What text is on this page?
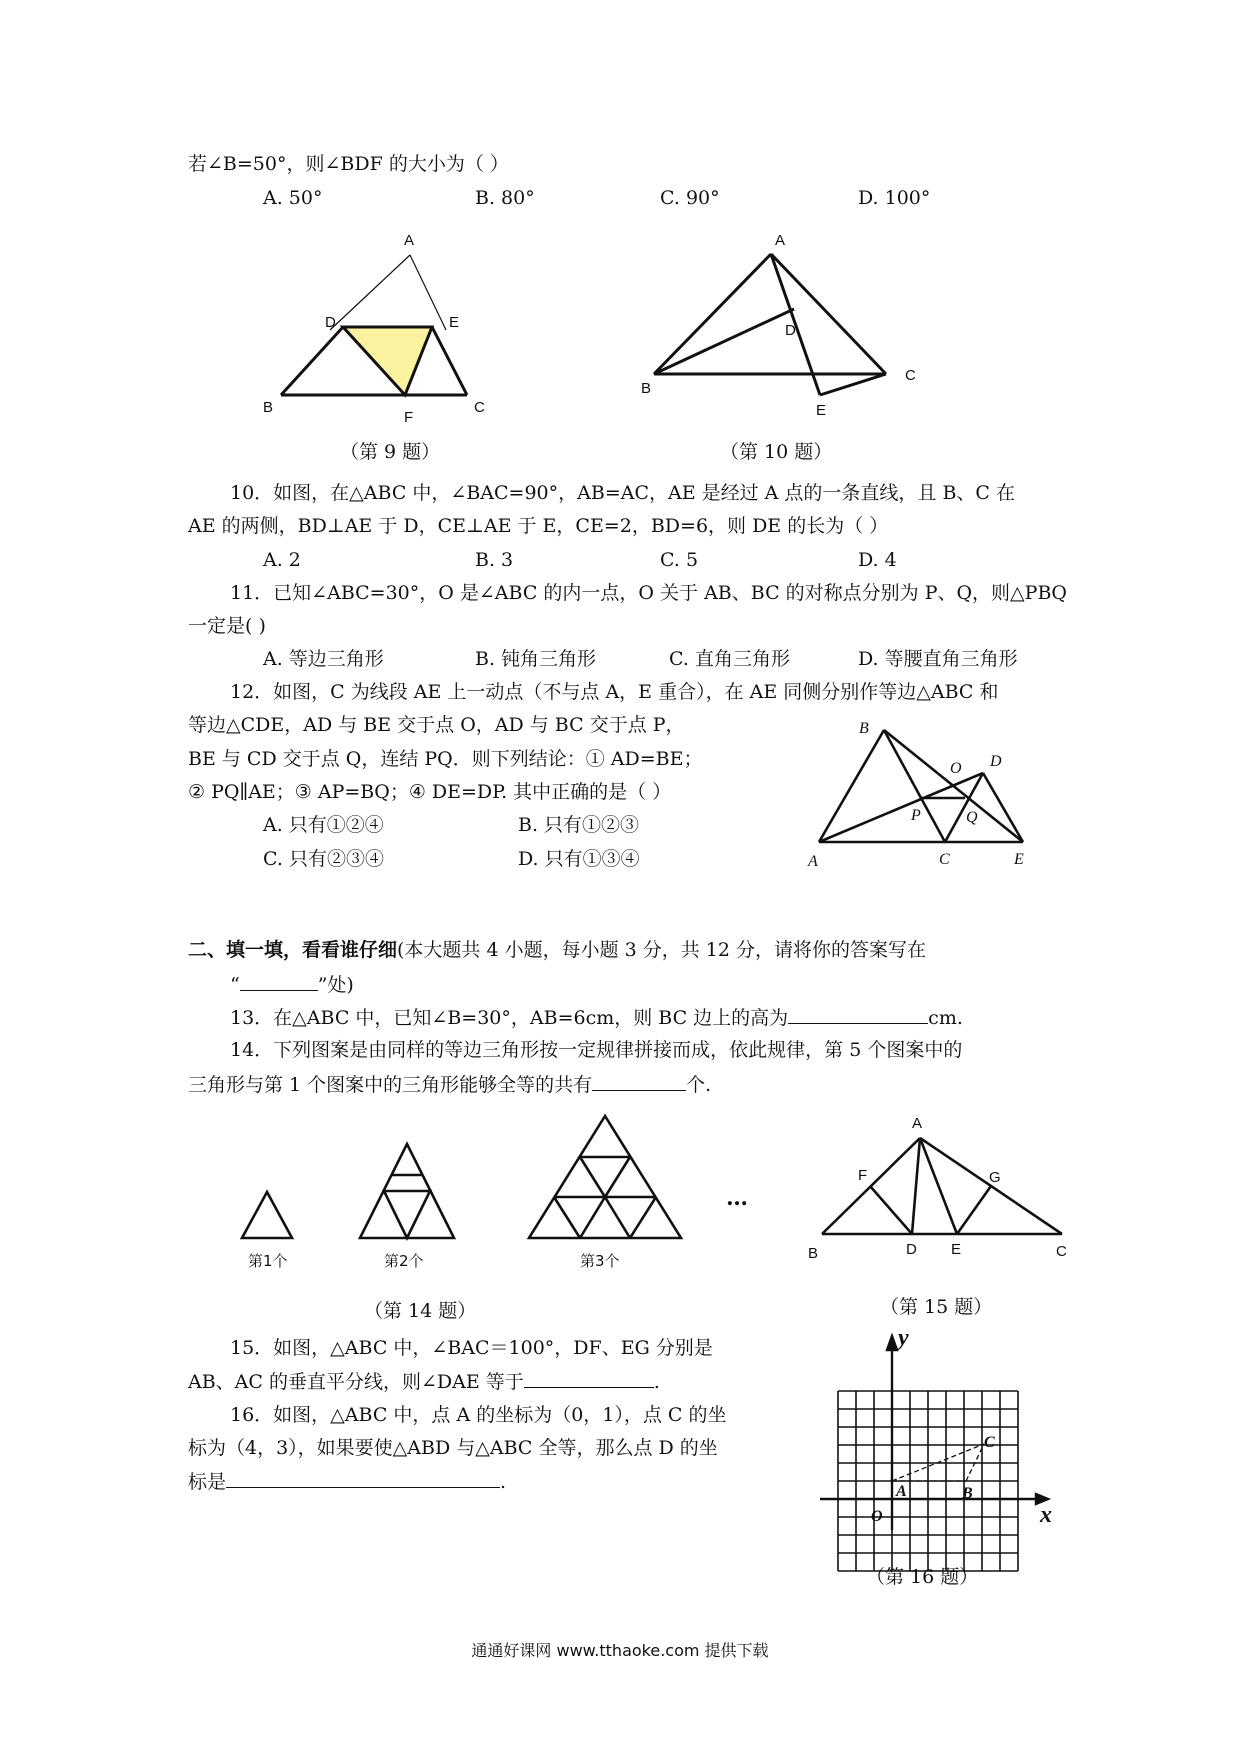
若∠B=50°，则∠BDF 的大小为（ ）
A. 50°	B. 80°	C. 90°	D. 100°
A
D	E
B
F
C
（第 9 题）
A
D
B
C
E
（第 10 题）
10．如图，在△ABC 中，∠BAC=90°，AB=AC，AE 是经过 A 点的一条直线，且 B、C 在
AE 的两侧，BD⊥AE 于 D，CE⊥AE 于 E，CE=2，BD=6，则 DE 的长为（ ）
A. 2	B. 3	C. 5	D. 4
11．已知∠ABC=30°，O 是∠ABC 的内一点，O 关于 AB、BC 的对称点分别为 P、Q，则△PBQ
一定是( )
A. 等边三角形	B. 钝角三角形	C. 直角三角形	D. 等腰直角三角形
12．如图，C 为线段 AE 上一动点（不与点 A，E 重合），在 AE 同侧分别作等边△ABC 和
等边△CDE，AD 与 BE 交于点 O，AD 与 BC 交于点 P，
BE 与 CD 交于点 Q，连结 PQ．则下列结论：① AD=BE；
② PQ∥AE；③ AP=BQ；④ DE=DP. 其中正确的是（ ）
A. 只有①②④	B. 只有①②③
C. 只有②③④	D. 只有①③④
B
O D
P	Q
A	C	E
二、填一填，看看谁仔细(本大题共 4 小题，每小题 3 分，共 12 分，请将你的答案写在
“	”处)
13．在△ABC 中，已知∠B=30°，AB=6cm，则 BC 边上的高为	cm.
14．下列图案是由同样的等边三角形按一定规律拼接而成，依此规律，第 5 个图案中的
三角形与第 1 个图案中的三角形能够全等的共有	个.
第1个	第2个	第3个
…
（第 14 题）
A
F	G
B	D E	C
（第 15 题）
15．如图，△ABC 中，∠BAC＝100°，DF、EG 分别是
AB、AC 的垂直平分线，则∠DAE 等于	.
16．如图，△ABC 中，点 A 的坐标为（0，1），点 C 的坐
标为（4，3），如果要使△ABD 与△ABC 全等，那么点 D 的坐
标是	.
y
x
O
A	B
C
（第 16 题）
通通好课网 www.tthaoke.com 提供下载
